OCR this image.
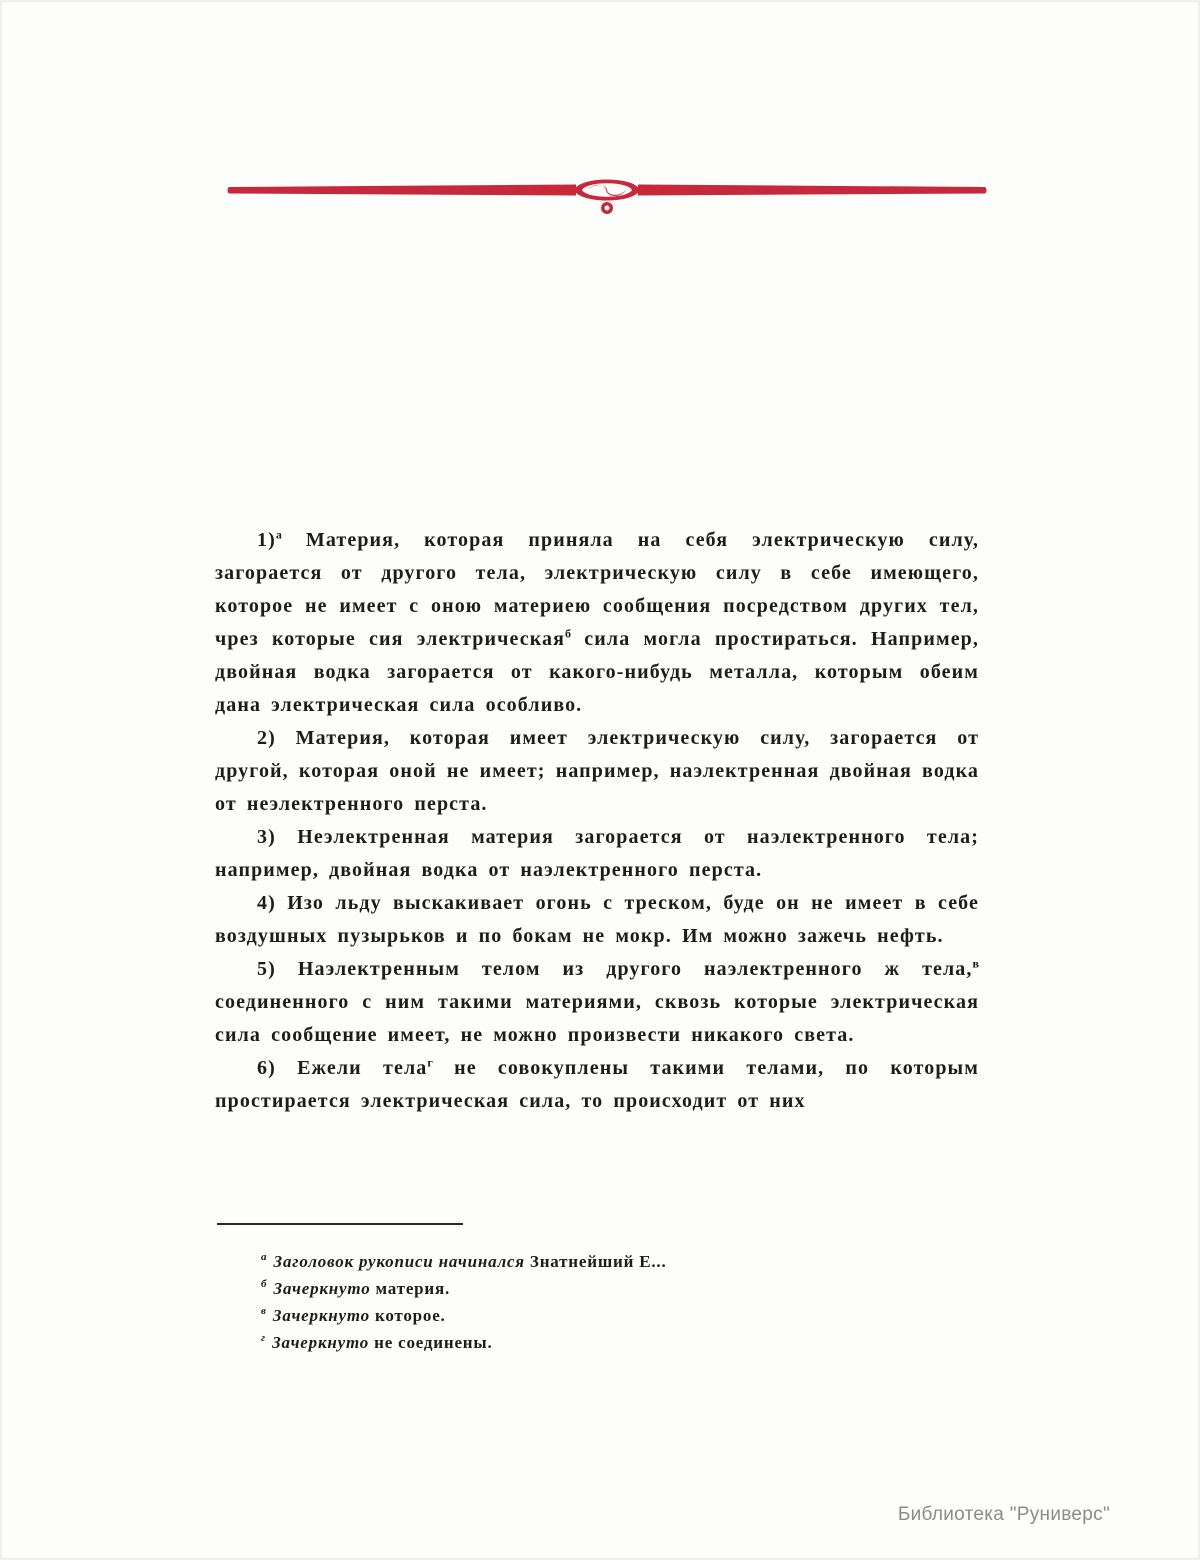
1)$^а$ Материя, которая приняла на себя электрическую силу, загорается от другого тела, электрическую силу в себе имеющего, которое не имеет с оною материею сообщения посредством других тел, чрез которые сия электрическая$^б$ сила могла простираться. Например, двойная водка загорается от какого-нибудь металла, которым обеим дана электрическая сила особливо.

2) Материя, которая имеет электрическую силу, загорается от другой, которая оной не имеет; например, наэлектренная двойная водка от неэлектренного перста.

3) Неэлектренная материя загорается от наэлектренного тела; например, двойная водка от наэлектренного перста.

4) Изо льду выскакивает огонь с треском, буде он не имеет в себе воздушных пузырьков и по бокам не мокр. Им можно зажечь нефть.

5) Наэлектренным телом из другого наэлектренного ж тела,$^в$ соединенного с ним такими материями, сквозь которые электрическая сила сообщение имеет, не можно произвести никакого света.

6) Ежели тела$^г$ не совокуплены такими телами, по которым простирается электрическая сила, то происходит от них

$^а$ Заголовок рукописи начинался Знатнейший Е...
$^б$ Зачеркнуто материя.
$^в$ Зачеркнуто которое.
$^г$ Зачеркнуто не соединены.
Библиотека "Руниверс"
